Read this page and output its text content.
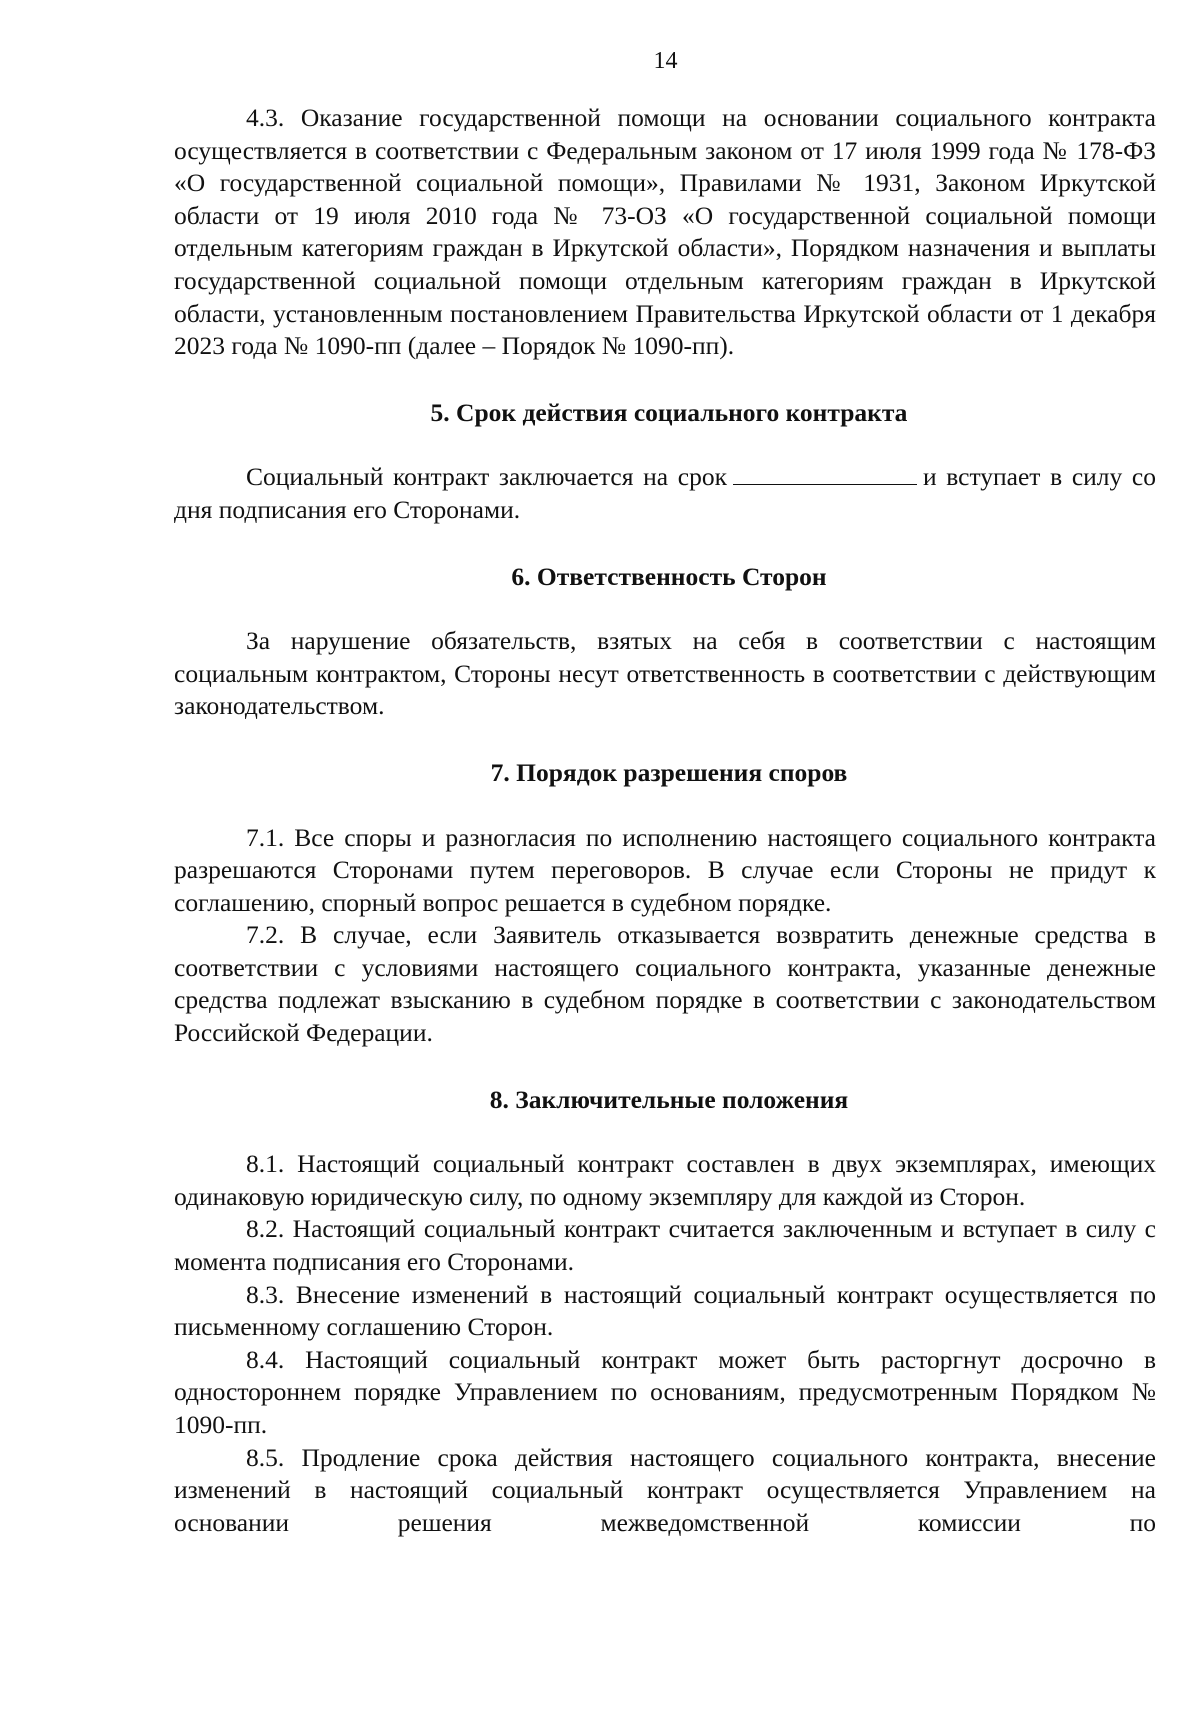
14

4.3. Оказание государственной помощи на основании социального контракта осуществляется в соответствии с Федеральным законом от 17 июля 1999 года № 178-ФЗ «О государственной социальной помощи», Правилами № 1931, Законом Иркутской области от 19 июля 2010 года № 73-ОЗ «О государственной социальной помощи отдельным категориям граждан в Иркутской области», Порядком назначения и выплаты государственной социальной помощи отдельным категориям граждан в Иркутской области, установленным постановлением Правительства Иркутской области от 1 декабря 2023 года № 1090-пп (далее – Порядок № 1090-пп).

5. Срок действия социального контракта

Социальный контракт заключается на срок	и вступает в силу со дня подписания его Сторонами.

6. Ответственность Сторон

За нарушение обязательств, взятых на себя в соответствии с настоящим социальным контрактом, Стороны несут ответственность в соответствии с действующим законодательством.

7. Порядок разрешения споров

7.1. Все споры и разногласия по исполнению настоящего социального контракта разрешаются Сторонами путем переговоров. В случае если Стороны не придут к соглашению, спорный вопрос решается в судебном порядке.

7.2. В случае, если Заявитель отказывается возвратить денежные средства в соответствии с условиями настоящего социального контракта, указанные денежные средства подлежат взысканию в судебном порядке в соответствии с законодательством Российской Федерации.

8. Заключительные положения

8.1. Настоящий социальный контракт составлен в двух экземплярах, имеющих одинаковую юридическую силу, по одному экземпляру для каждой из Сторон.

8.2. Настоящий социальный контракт считается заключенным и вступает в силу с момента подписания его Сторонами.

8.3. Внесение изменений в настоящий социальный контракт осуществляется по письменному соглашению Сторон.

8.4. Настоящий социальный контракт может быть расторгнут досрочно в одностороннем порядке Управлением по основаниям, предусмотренным Порядком № 1090-пп.

8.5. Продление срока действия настоящего социального контракта, внесение изменений в настоящий социальный контракт осуществляется Управлением на основании решения межведомственной комиссии по
